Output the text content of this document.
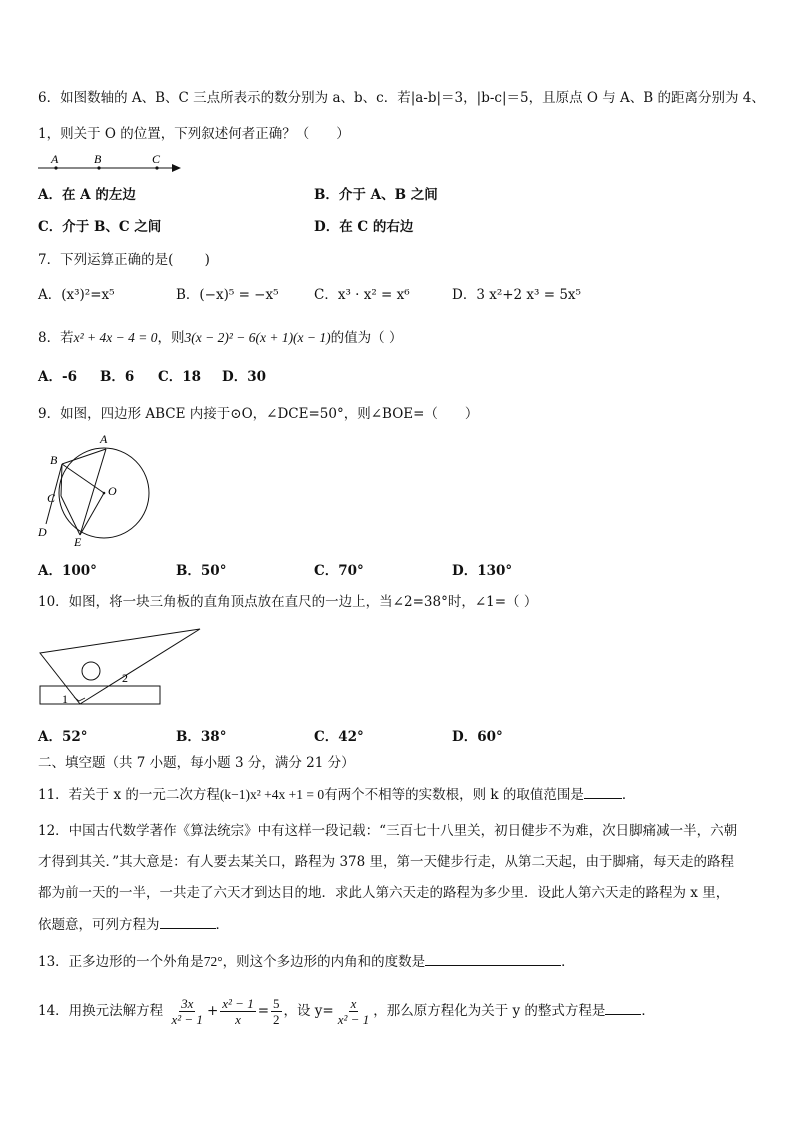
6．如图数轴的 A、B、C 三点所表示的数分别为 a、b、c．若|a-b|＝3，|b-c|＝5，且原点 O 与 A、B 的距离分别为 4、
1，则关于 O 的位置，下列叙述何者正确？（　　）
A	B	C
A．在 A 的左边	B．介于 A、B 之间
C．介于 B、C 之间	D．在 C 的右边
7．下列运算正确的是(　　 )
A．(x³)²=x⁵	B．(−x)⁵ = −x⁵	C．x³ · x² = x⁶	D．3 x²+2 x³ = 5x⁵
8．若x² + 4x − 4 = 0，则3(x − 2)² − 6(x + 1)(x − 1)的值为（ ）
A．-6 B．6 C．18 D．30
9．如图，四边形 ABCE 内接于⊙O，∠DCE=50°，则∠BOE=（　　）
A
B
O
C
D
E
A．100°	B．50°	C．70°	D．130°
10．如图，将一块三角板的直角顶点放在直尺的一边上，当∠2=38°时，∠1=（ ）
1
2
A．52°	B．38°	C．42°	D．60°
二、填空题（共 7 小题，每小题 3 分，满分 21 分）
11．若关于 x 的一元二次方程(k−1)x² +4x +1 = 0有两个不相等的实数根，则 k 的取值范围是	．
12．中国古代数学著作《算法统宗》中有这样一段记载：“三百七十八里关，初日健步不为难，次日脚痛减一半，六朝
才得到其关．”其大意是：有人要去某关口，路程为 378 里，第一天健步行走，从第二天起，由于脚痛，每天走的路程
都为前一天的一半，一共走了六天才到达目的地．求此人第六天走的路程为多少里．设此人第六天走的路程为 x 里，
依题意，可列方程为	．
13．正多边形的一个外角是72°，则这个多边形的内角和的度数是	．
14．用换元法解方程 $\frac{3x}{\text{x² − 1}} + \frac{\text{x² − 1}}{x} = \frac{5}{2}$ ，设 $y= \frac{x}{\text{x² − 1}}$ ，那么原方程化为关于 y 的整式方程是	．
